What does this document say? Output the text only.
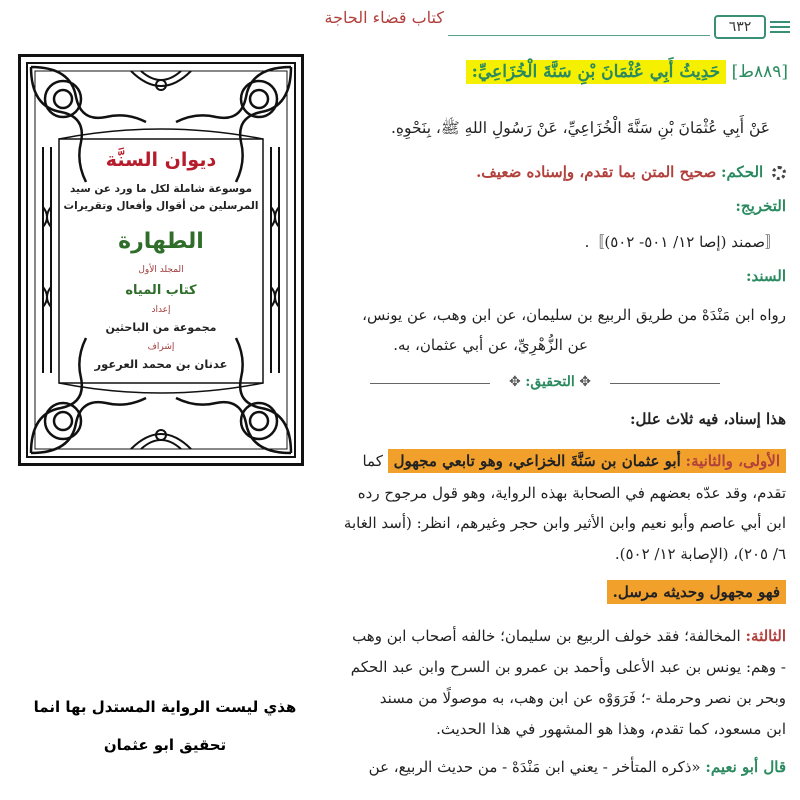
ديوان السنَّة
موسوعة شاملة لكل ما ورد عن سيد المرسلين من أقوال وأفعال وتقريرات
الطهارة
المجلد الأول
كتاب المياه
إعداد
مجموعة من الباحثين
إشراف
عدنان بن محمد العرعور
هذي ليست الرواية المستدل بها انما
تحقيق ابو عثمان
كتاب قضاء الحاجة	٦٣٢
[٨٨٩ط] حَدِيثُ أَبِي عُثْمَانَ بْنِ سَنَّةَ الْخُزَاعِيِّ:
عَنْ أَبِي عُثْمَانَ بْنِ سَنَّةَ الْخُزَاعِيِّ، عَنْ رَسُولِ اللهِ ﷺ، بِنَحْوِهِ.
الحكم: صحيح المتن بما تقدم، وإسناده ضعيف.
التخريج:
〚صمند (إصا ١٢/ ٥٠١- ٥٠٢)〛.
السند:
رواه ابن مَنْدَهْ من طريق الربيع بن سليمان، عن ابن وهب، عن يونس،
عن الزُّهْرِيِّ، عن أبي عثمان، به.
✥ التحقيق: ✥
هذا إسناد، فيه ثلاث علل:
الأولى، والثانية: أبو عثمان بن سَنَّةَ الخزاعي، وهو تابعي مجهول كما
تقدم، وقد عدّه بعضهم في الصحابة بهذه الرواية، وهو قول مرجوح رده
ابن أبي عاصم وأبو نعيم وابن الأثير وابن حجر وغيرهم، انظر: (أسد الغابة
٦/ ٢٠٥)، (الإصابة ١٢/ ٥٠٢).
فهو مجهول وحديثه مرسل.
الثالثة: المخالفة؛ فقد خولف الربيع بن سليمان؛ خالفه أصحاب ابن وهب
- وهم: يونس بن عبد الأعلى وأحمد بن عمرو بن السرح وابن عبد الحكم
وبحر بن نصر وحرملة -؛ فَرَوَوْه عن ابن وهب، به موصولًا من مسند
ابن مسعود، كما تقدم، وهذا هو المشهور في هذا الحديث.
قال أبو نعيم: «ذكره المتأخر - يعني ابن مَنْدَهْ - من حديث الربيع، عن
